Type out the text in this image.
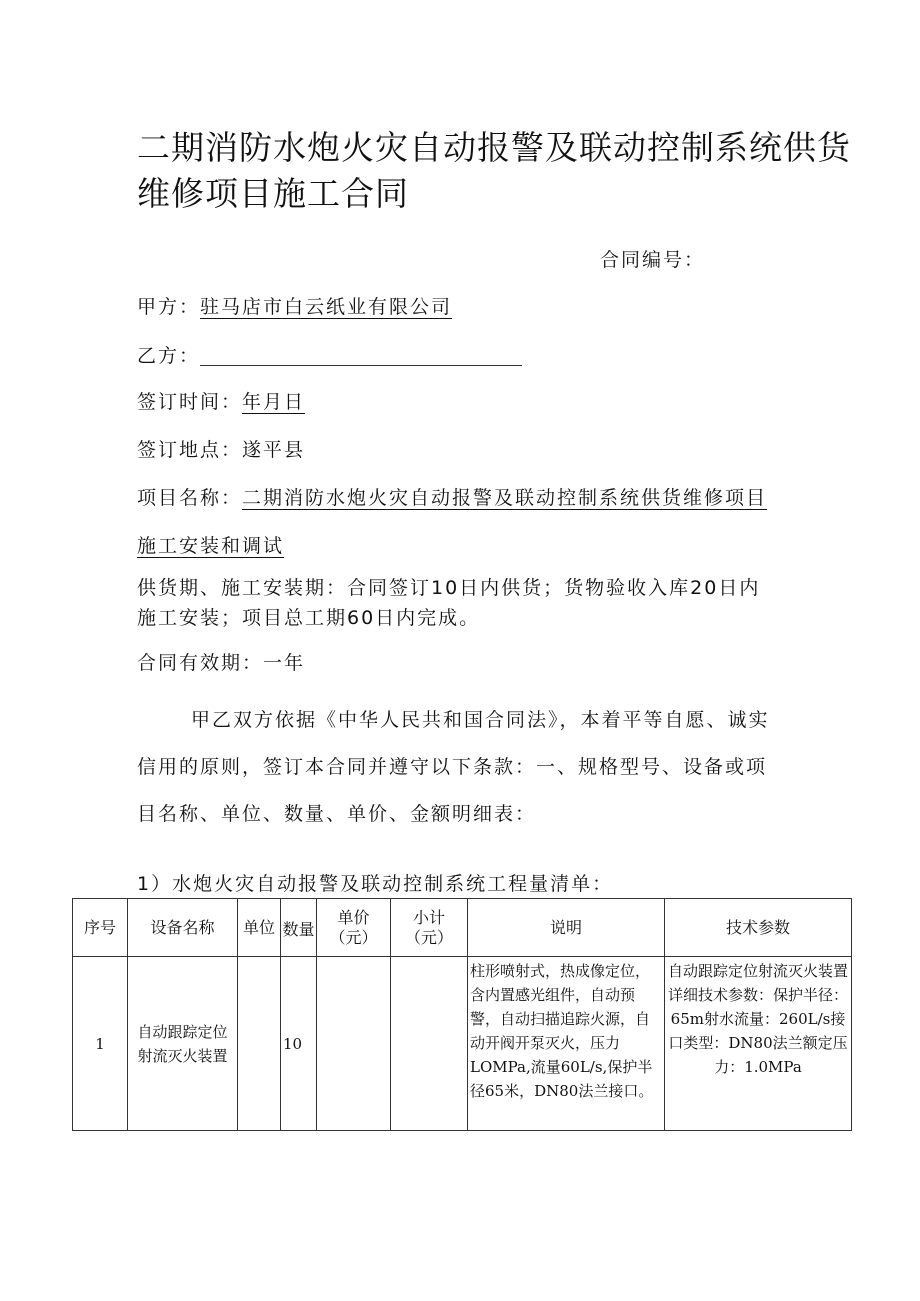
二期消防水炮火灾自动报警及联动控制系统供货
维修项目施工合同
合同编号：
甲方：驻马店市白云纸业有限公司
乙方：
签订时间：年月日
签订地点：遂平县
项目名称：二期消防水炮火灾自动报警及联动控制系统供货维修项目
施工安装和调试
供货期、施工安装期：合同签订10日内供货；货物验收入库20日内
施工安装；项目总工期60日内完成。
合同有效期：一年
甲乙双方依据《中华人民共和国合同法》，本着平等自愿、诚实
信用的原则，签订本合同并遵守以下条款：一、规格型号、设备或项
目名称、单位、数量、单价、金额明细表：
1）水炮火灾自动报警及联动控制系统工程量清单：
序号	设备名称	单位	数量	单价（元）	小计（元）	说明	技术参数
1	自动跟踪定位射流灭火装置		10			柱形喷射式，热成像定位，含内置感光组件，自动预警，自动扫描追踪火源，自动开阀开泵灭火，压力LOMPa,流量60L/s,保护半径65米，DN80法兰接口。	自动跟踪定位射流灭火装置详细技术参数：保护半径：65m射水流量：260L/s接口类型：DN80法兰额定压力：1.0MPa
